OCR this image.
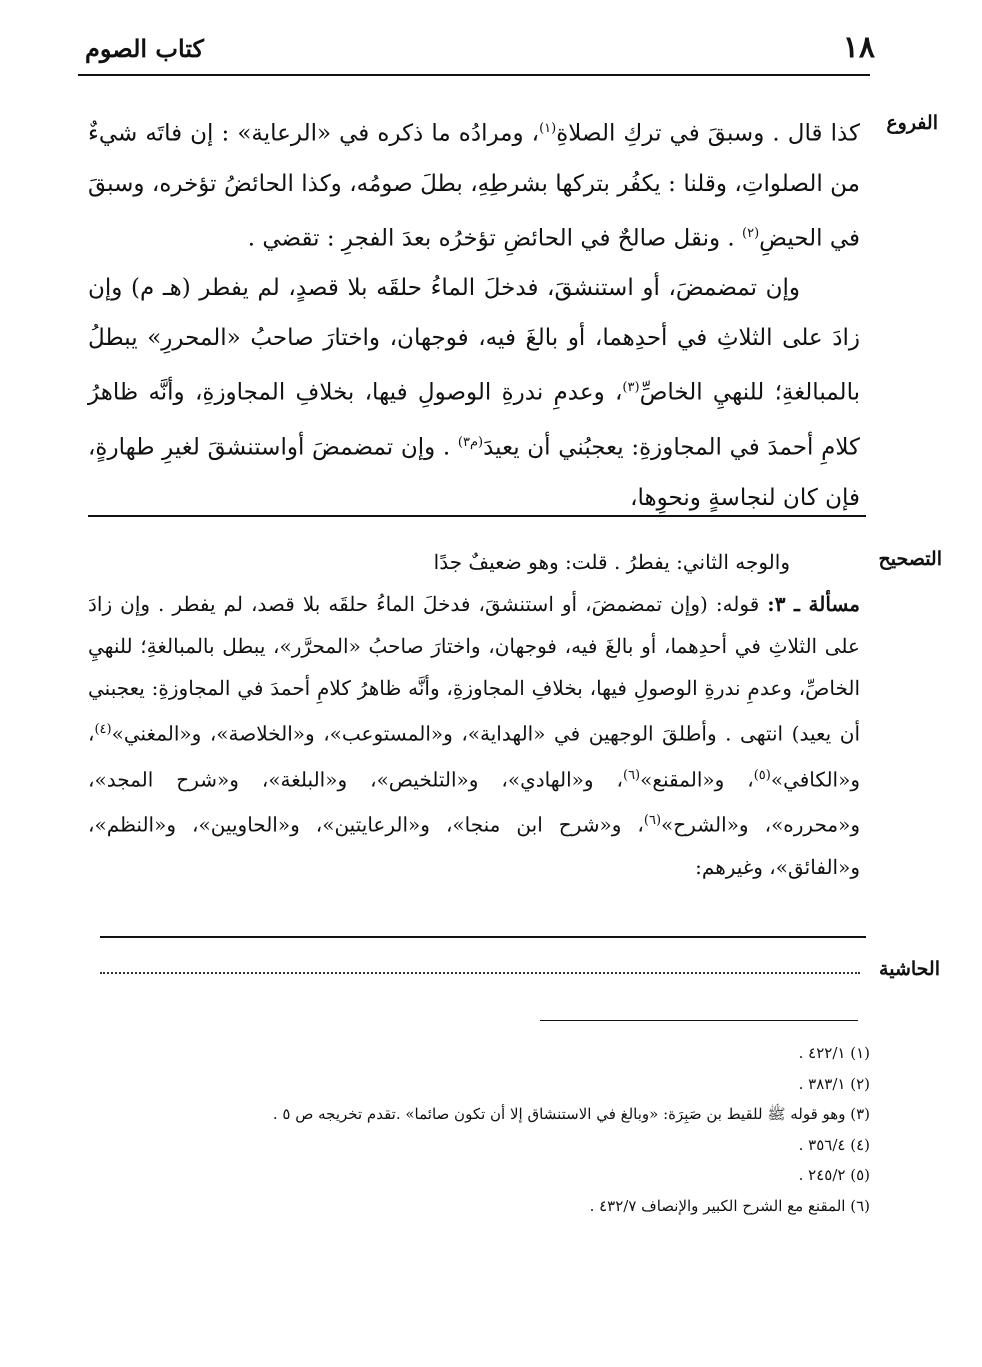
١٨
كتاب الصوم
الفروع

كذا قال . وسبقَ في تركِ الصلاةِ$^{(١)}$، ومرادُه ما ذكره في «الرعاية» : إن فاتَه شيءٌ من الصلواتِ، وقلنا : يكفُر بتركها بشرطِهِ، بطلَ صومُه، وكذا الحائضُ تؤخره، وسبقَ في الحيضِ$^{(٢)}$ . ونقل صالحٌ في الحائضِ تؤخرُه بعدَ الفجرِ : تقضي .

وإن تمضمضَ، أو استنشقَ، فدخلَ الماءُ حلقَه بلا قصدٍ، لم يفطر (هـ م) وإن زادَ على الثلاثِ في أحدِهما، أو بالغَ فيه، فوجهان، واختارَ صاحبُ «المحررِ» يبطلُ بالمبالغةِ؛ للنهيِ الخاصِّ$^{(٣)}$، وعدمِ ندرةِ الوصولِ فيها، بخلافِ المجاوزةِ، وأنَّه ظاهرُ كلامِ أحمدَ في المجاوزةِ: يعجبُني أن يعيدَ$^{(م٣)}$ . وإن تمضمضَ أواستنشقَ لغيرِ طهارةٍ، فإن كان لنجاسةٍ ونحوِها،

التصحيح

والوجه الثاني: يفطرُ . قلت: وهو ضعيفٌ جدًا

مسألة ـ ٣: قوله: (وإن تمضمضَ، أو استنشقَ، فدخلَ الماءُ حلقَه بلا قصد، لم يفطر . وإن زادَ على الثلاثِ في أحدِهما، أو بالغَ فيه، فوجهان، واختارَ صاحبُ «المحرَّر»، يبطل بالمبالغةِ؛ للنهيِ الخاصِّ، وعدمِ ندرةِ الوصولِ فيها، بخلافِ المجاوزةِ، وأنَّه ظاهرُ كلامِ أحمدَ في المجاوزةِ: يعجبني أن يعيد) انتهى . وأطلقَ الوجهين في «الهداية»، و«المستوعب»، و«الخلاصة»، و«المغني»$^{(٤)}$، و«الكافي»$^{(٥)}$، و«المقنع»$^{(٦)}$، و«الهادي»، و«التلخيص»، و«البلغة»، و«شرح المجد»، و«محرره»، و«الشرح»$^{(٦)}$، و«شرح ابن منجا»، و«الرعايتين»، و«الحاويين»، و«النظم»، و«الفائق»، وغيرهم:

الحاشية
(١) ٤٢٢/١ .
(٢) ٣٨٣/١ .
(٣) وهو قوله ﷺ للقيط بن صَبِرَة: «وبالغ في الاستنشاق إلا أن تكون صائما» .تقدم تخريجه ص ٥ .
(٤) ٣٥٦/٤ .
(٥) ٢٤٥/٢ .
(٦) المقنع مع الشرح الكبير والإنصاف ٤٣٢/٧ .
